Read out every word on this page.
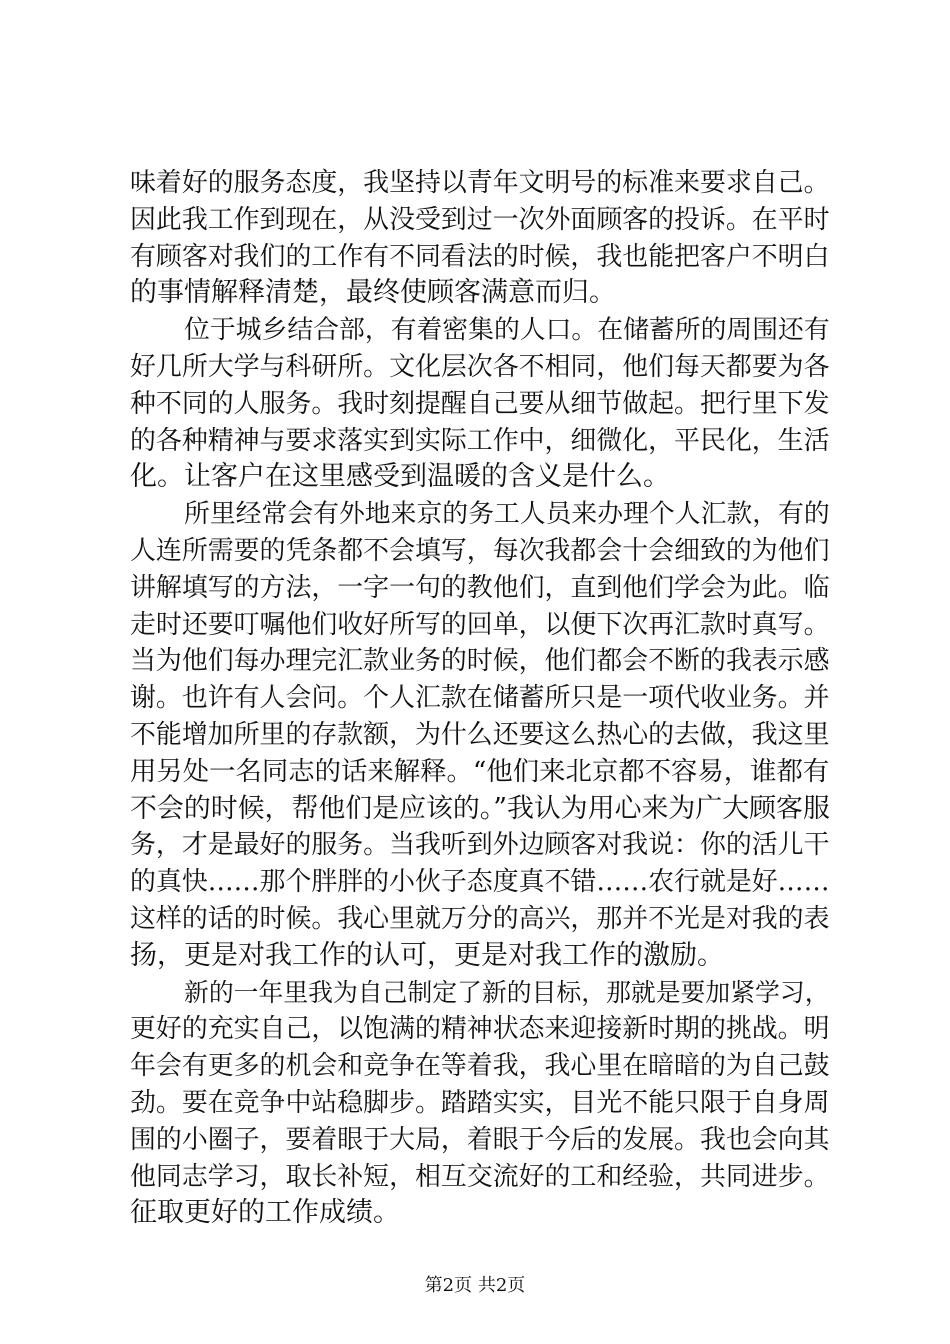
味着好的服务态度，我坚持以青年文明号的标准来要求自己。
因此我工作到现在，从没受到过一次外面顾客的投诉。在平时
有顾客对我们的工作有不同看法的时候，我也能把客户不明白
的事情解释清楚，最终使顾客满意而归。
位于城乡结合部，有着密集的人口。在储蓄所的周围还有
好几所大学与科研所。文化层次各不相同，他们每天都要为各
种不同的人服务。我时刻提醒自己要从细节做起。把行里下发
的各种精神与要求落实到实际工作中，细微化，平民化，生活
化。让客户在这里感受到温暖的含义是什么。
所里经常会有外地来京的务工人员来办理个人汇款，有的
人连所需要的凭条都不会填写，每次我都会十会细致的为他们
讲解填写的方法，一字一句的教他们，直到他们学会为此。临
走时还要叮嘱他们收好所写的回单，以便下次再汇款时真写。
当为他们每办理完汇款业务的时候，他们都会不断的我表示感
谢。也许有人会问。个人汇款在储蓄所只是一项代收业务。并
不能增加所里的存款额，为什么还要这么热心的去做，我这里
用另处一名同志的话来解释。“他们来北京都不容易，谁都有
不会的时候，帮他们是应该的。”我认为用心来为广大顾客服
务，才是最好的服务。当我听到外边顾客对我说：你的活儿干
的真快……那个胖胖的小伙子态度真不错……农行就是好……
这样的话的时候。我心里就万分的高兴，那并不光是对我的表
扬，更是对我工作的认可，更是对我工作的激励。
新的一年里我为自己制定了新的目标，那就是要加紧学习，
更好的充实自己，以饱满的精神状态来迎接新时期的挑战。明
年会有更多的机会和竞争在等着我，我心里在暗暗的为自己鼓
劲。要在竞争中站稳脚步。踏踏实实，目光不能只限于自身周
围的小圈子，要着眼于大局，着眼于今后的发展。我也会向其
他同志学习，取长补短，相互交流好的工和经验，共同进步。
征取更好的工作成绩。
第2页 共2页
